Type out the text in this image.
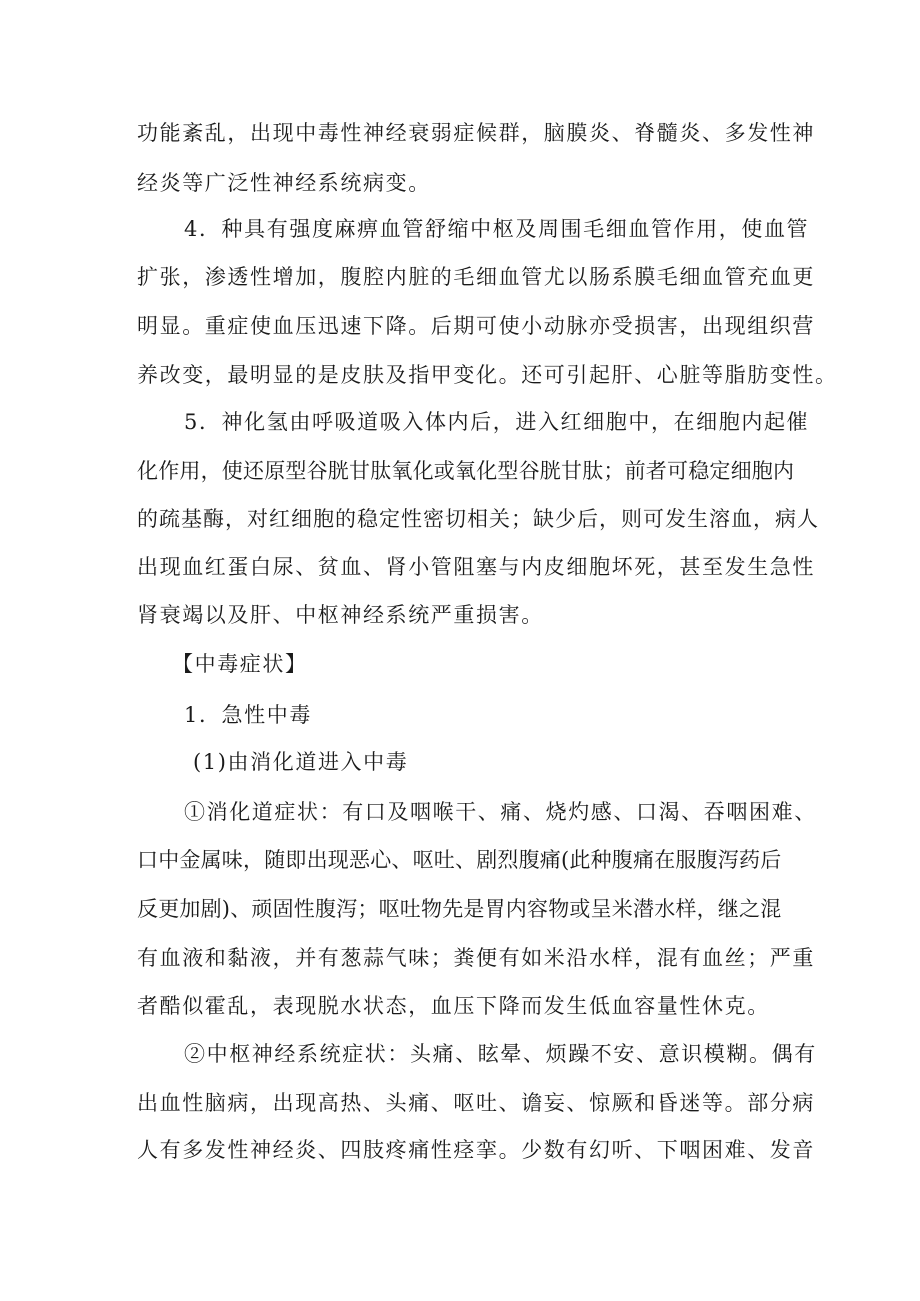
功能紊乱，出现中毒性神经衰弱症候群，脑膜炎、脊髓炎、多发性神
经炎等广泛性神经系统病变。
4．种具有强度麻痹血管舒缩中枢及周围毛细血管作用，使血管
扩张，渗透性增加，腹腔内脏的毛细血管尤以肠系膜毛细血管充血更
明显。重症使血压迅速下降。后期可使小动脉亦受损害，出现组织营
养改变，最明显的是皮肤及指甲变化。还可引起肝、心脏等脂肪变性。
5．神化氢由呼吸道吸入体内后，进入红细胞中，在细胞内起催
化作用，使还原型谷胱甘肽氧化或氧化型谷胱甘肽；前者可稳定细胞内
的疏基酶，对红细胞的稳定性密切相关；缺少后，则可发生溶血，病人
出现血红蛋白尿、贫血、肾小管阻塞与内皮细胞坏死，甚至发生急性
肾衰竭以及肝、中枢神经系统严重损害。
【中毒症状】
1．急性中毒
(1)由消化道进入中毒
①消化道症状：有口及咽喉干、痛、烧灼感、口渴、吞咽困难、
口中金属味，随即出现恶心、呕吐、剧烈腹痛(此种腹痛在服腹泻药后
反更加剧)、顽固性腹泻；呕吐物先是胃内容物或呈米潜水样，继之混
有血液和黏液，并有葱蒜气味；粪便有如米沿水样，混有血丝；严重
者酷似霍乱，表现脱水状态，血压下降而发生低血容量性休克。
②中枢神经系统症状：头痛、眩晕、烦躁不安、意识模糊。偶有
出血性脑病，出现高热、头痛、呕吐、谵妄、惊厥和昏迷等。部分病
人有多发性神经炎、四肢疼痛性痉挛。少数有幻听、下咽困难、发音
